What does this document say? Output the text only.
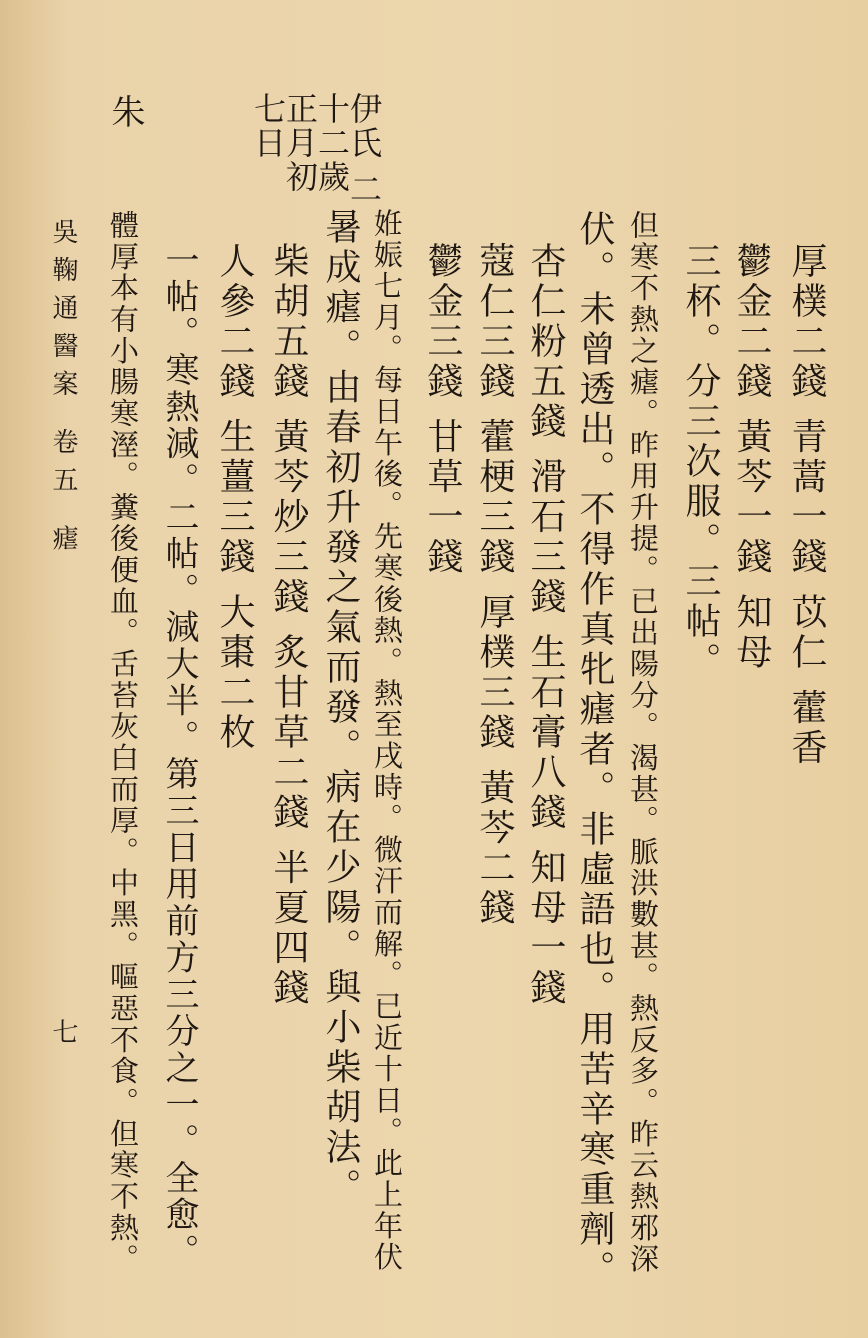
厚樸二錢 青蒿一錢 苡仁 藿香
鬱金二錢 黃芩一錢 知母
三杯。分三次服。三帖。
但寒不熱之瘧。昨用升提。已出陽分。渴甚。脈洪數甚。熱反多。昨云熱邪深
伏。未曾透出。不得作真牝瘧者。非虛語也。用苦辛寒重劑。
杏仁粉五錢 滑石三錢 生石膏八錢 知母一錢
蔻仁三錢 藿梗三錢 厚樸三錢 黃芩二錢
鬱金三錢 甘草一錢
伊氏 二十二歲 正月初七日
姙娠七月。每日午後。先寒後熱。熱至戌時。微汗而解。已近十日。此上年伏
暑成瘧。由春初升發之氣而發。病在少陽。與小柴胡法。
柴胡五錢 黃芩炒三錢 炙甘草二錢 半夏四錢
人參二錢 生薑三錢 大棗二枚
一帖。寒熱減。二帖。減大半。第三日用前方三分之一。全愈。
朱
體厚本有小腸寒溼。糞後便血。舌苔灰白而厚。中黑。嘔惡不食。但寒不熱。
吳鞠通醫案 卷五 瘧
七
